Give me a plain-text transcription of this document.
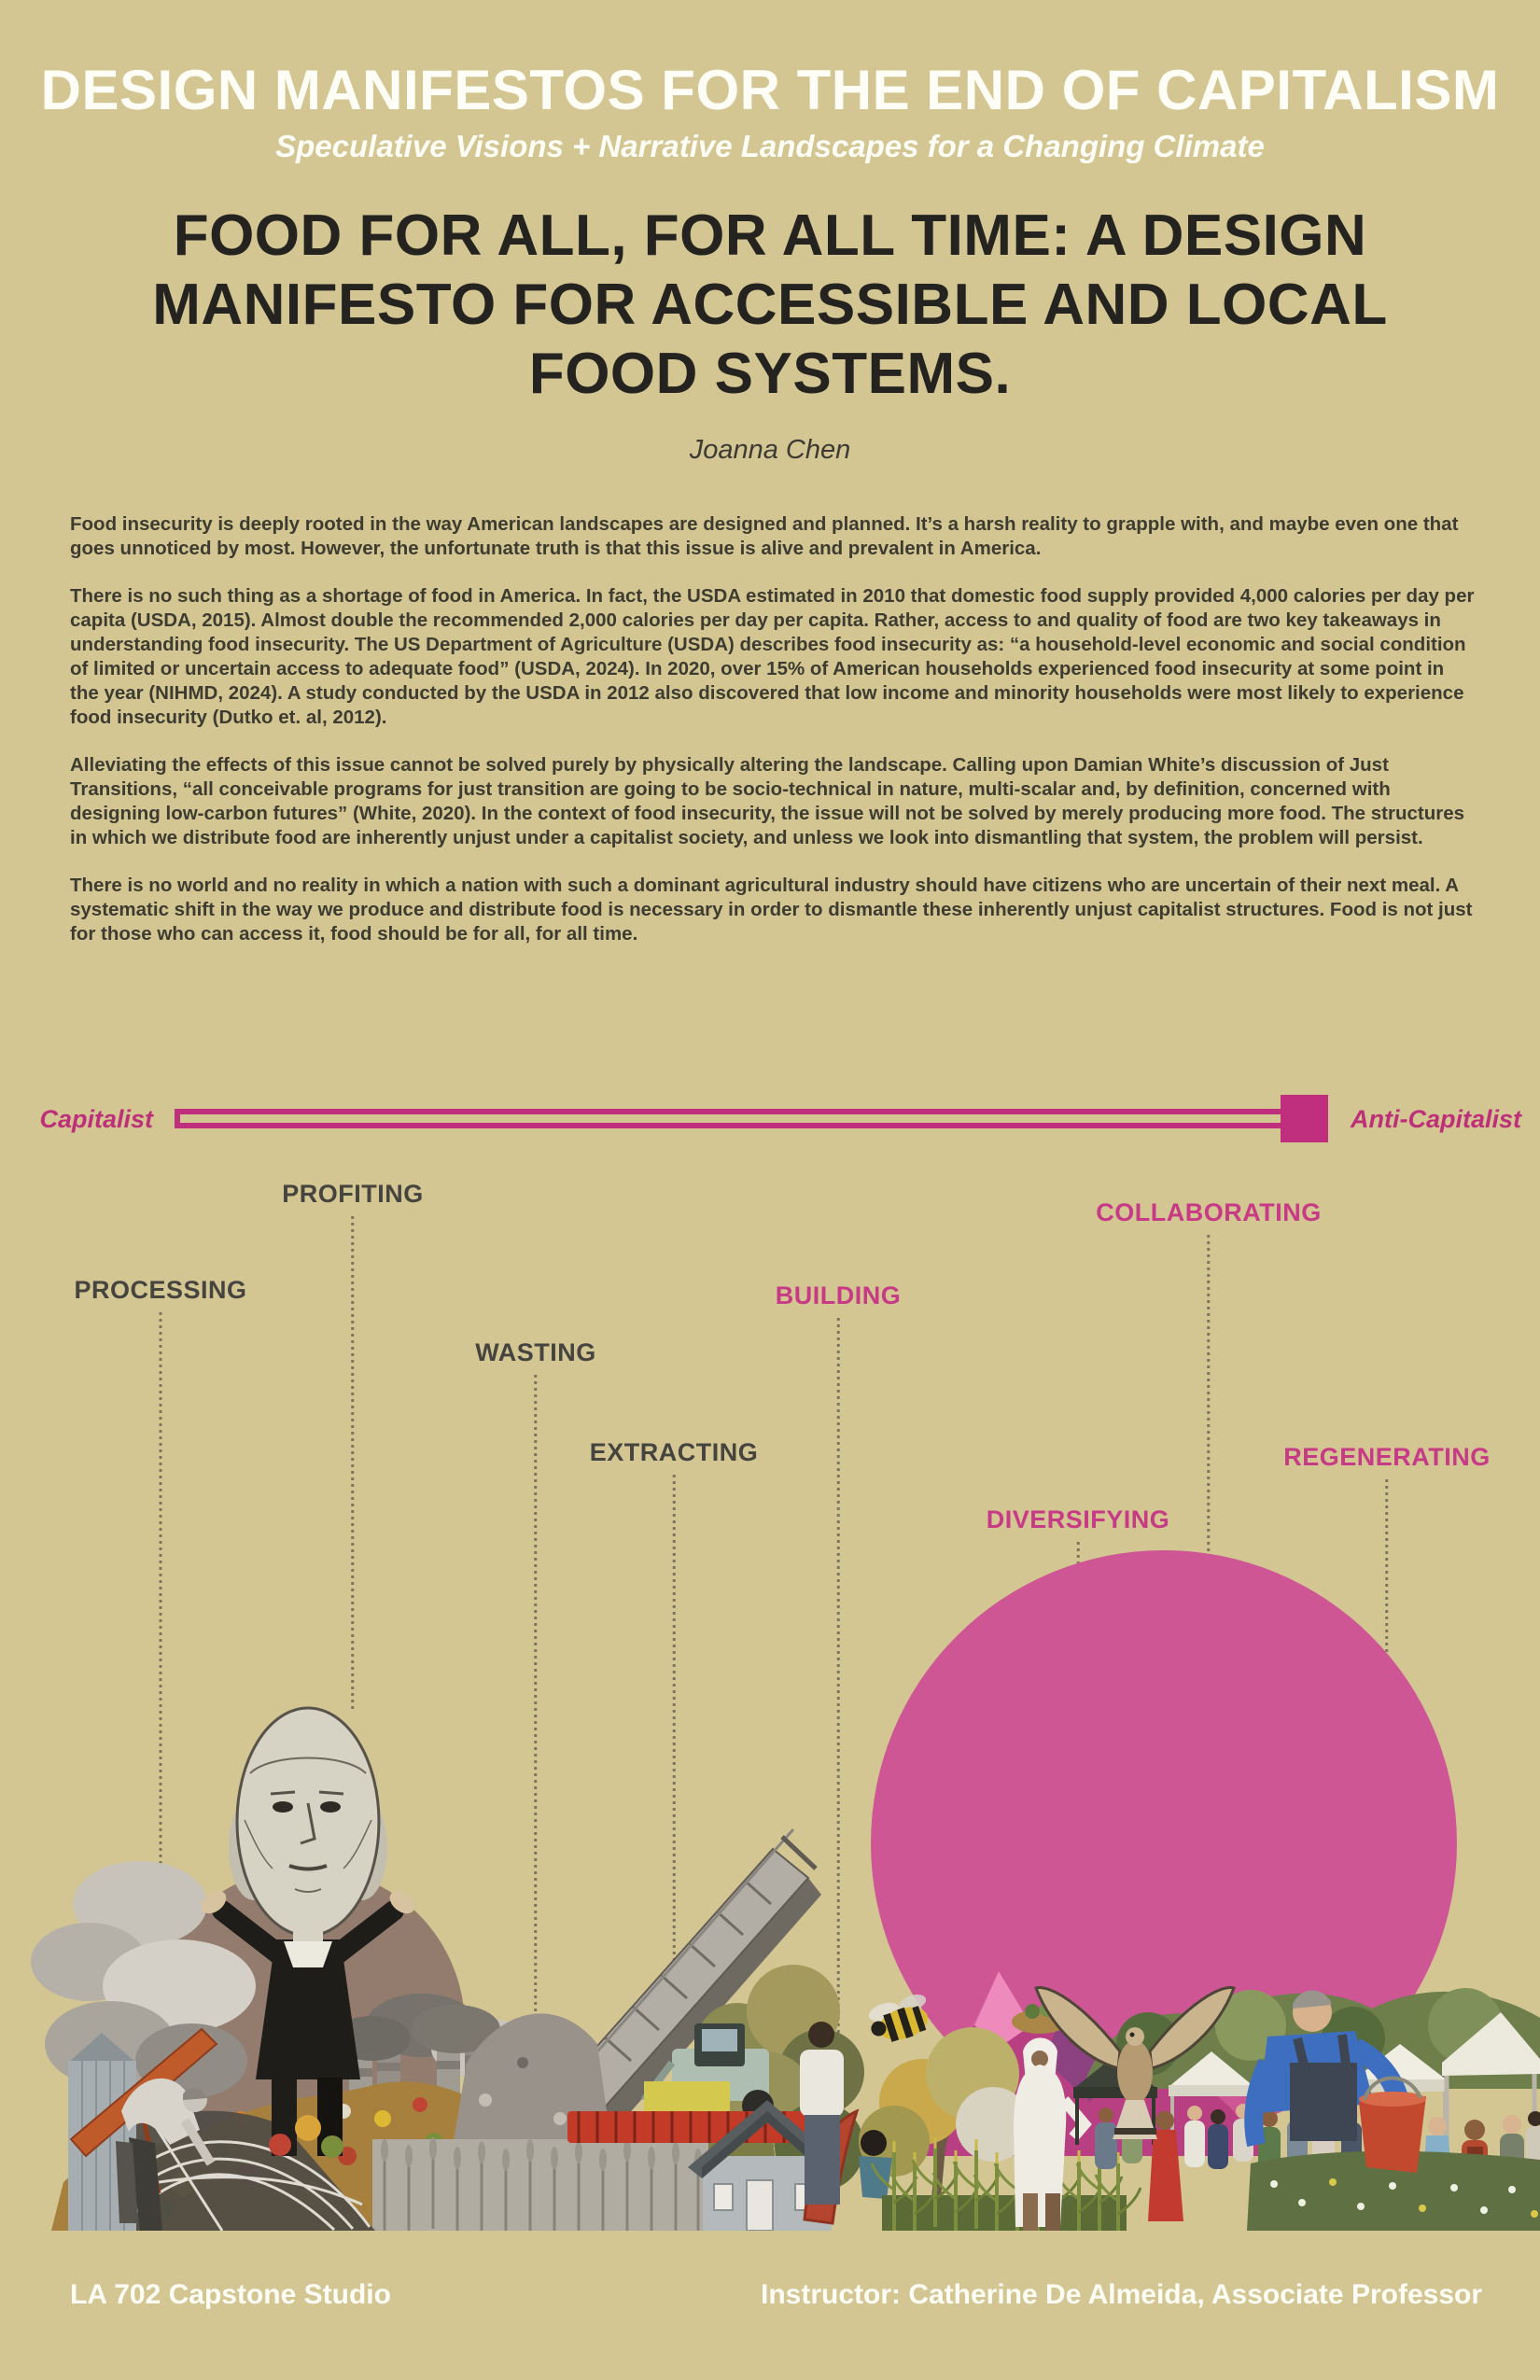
DESIGN MANIFESTOS FOR THE END OF CAPITALISM
Speculative Visions + Narrative Landscapes for a Changing Climate
FOOD FOR ALL, FOR ALL TIME: A DESIGN
MANIFESTO FOR ACCESSIBLE AND LOCAL
FOOD SYSTEMS.
Joanna Chen

Food insecurity is deeply rooted in the way American landscapes are designed and planned. It’s a harsh reality to grapple with, and maybe even one that goes unnoticed by most. However, the unfortunate truth is that this issue is alive and prevalent in America.

There is no such thing as a shortage of food in America. In fact, the USDA estimated in 2010 that domestic food supply provided 4,000 calories per day per capita (USDA, 2015). Almost double the recommended 2,000 calories per day per capita. Rather, access to and quality of food are two key takeaways in understanding food insecurity. The US Department of Agriculture (USDA) describes food insecurity as: “a household-level economic and social condition of limited or uncertain access to adequate food” (USDA, 2024). In 2020, over 15% of American households experienced food insecurity at some point in the year (NIHMD, 2024). A study conducted by the USDA in 2012 also discovered that low income and minority households were most likely to experience food insecurity (Dutko et. al, 2012).

Alleviating the effects of this issue cannot be solved purely by physically altering the landscape. Calling upon Damian White’s discussion of Just Transitions, “all conceivable programs for just transition are going to be socio-technical in nature, multi-scalar and, by definition, concerned with designing low-carbon futures” (White, 2020). In the context of food insecurity, the issue will not be solved by merely producing more food. The structures in which we distribute food are inherently unjust under a capitalist society, and unless we look into dismantling that system, the problem will persist.

There is no world and no reality in which a nation with such a dominant agricultural industry should have citizens who are uncertain of their next meal. A systematic shift in the way we produce and distribute food is necessary in order to dismantle these inherently unjust capitalist structures. Food is not just for those who can access it, food should be for all, for all time.

Capitalist	Anti-Capitalist
PROCESSING
PROFITING
WASTING
EXTRACTING
BUILDING
DIVERSIFYING
COLLABORATING
REGENERATING
LA 702 Capstone Studio	Instructor: Catherine De Almeida, Associate Professor
